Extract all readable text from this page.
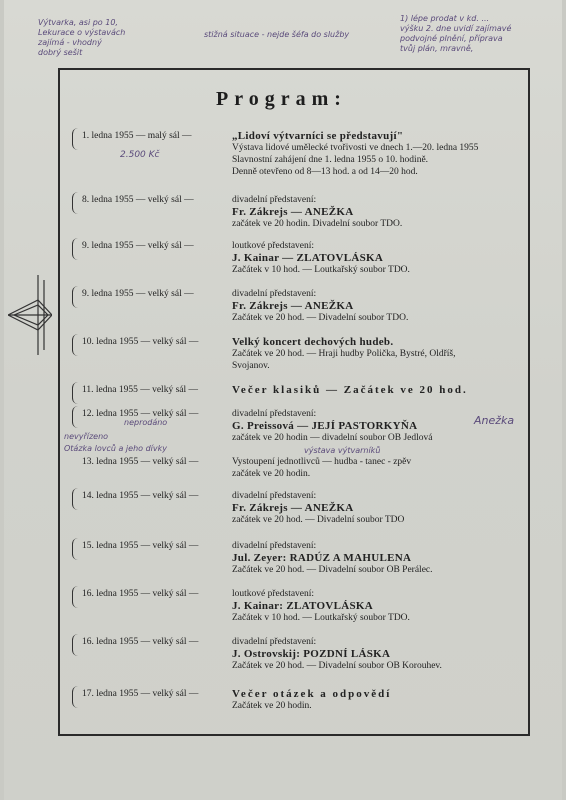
Výtvarka, asi po 10,
Lekurace o výstavách
zajímá - vhodný
dobrý sešit
stižná situace - nejde šéfa do služby
1) lépe prodat v kd. ...
výšku 2. dne uvidí zajímavé
podvojné plnění, příprava
tvůj plán, mravně,
2.500 Kč
Anežka
neprodáno
nevyřízeno
Otázka lovců a jeho dívky	výstava výtvarníků
Program:
1. ledna 1955 — malý sál —	„Lidoví výtvarníci se představují"
Výstava lidové umělecké tvořivosti ve dnech 1.—20. ledna 1955
Slavnostní zahájení dne 1. ledna 1955 o 10. hodině.
Denně otevřeno od 8—13 hod. a od 14—20 hod.
8. ledna 1955 — velký sál —	divadelní představení:
Fr. Zákrejs — ANEŽKA
začátek ve 20 hodin. Divadelní soubor TDO.
9. ledna 1955 — velký sál —	loutkové představení:
J. Kainar — ZLATOVLÁSKA
Začátek v 10 hod. — Loutkařský soubor TDO.
9. ledna 1955 — velký sál —	divadelní představení:
Fr. Zákrejs — ANEŽKA
Začátek ve 20 hod. — Divadelní soubor TDO.
10. ledna 1955 — velký sál —	Velký koncert dechových hudeb.
Začátek ve 20 hod. — Hraji hudby Polička, Bystré, Oldříš,
Svojanov.
11. ledna 1955 — velký sál —	Večer klasiků — Začátek ve 20 hod.
12. ledna 1955 — velký sál —	divadelní představení:
G. Preissová — JEJÍ PASTORKYŇA
začátek ve 20 hodin — divadelní soubor OB Jedlová
13. ledna 1955 — velký sál —	Vystoupení jednotlivců — hudba - tanec - zpěv
začátek ve 20 hodin.
14. ledna 1955 — velký sál —	divadelní představení:
Fr. Zákrejs — ANEŽKA
začátek ve 20 hod. — Divadelní soubor TDO
15. ledna 1955 — velký sál —	divadelní představení:
Jul. Zeyer: RADÚZ A MAHULENA
Začátek ve 20 hod. — Divadelní soubor OB Perálec.
16. ledna 1955 — velký sál —	loutkové představení:
J. Kainar: ZLATOVLÁSKA
Začátek v 10 hod. — Loutkařský soubor TDO.
16. ledna 1955 — velký sál —	divadelní představení:
J. Ostrovskij: POZDNÍ LÁSKA
Začátek ve 20 hod. — Divadelní soubor OB Korouhev.
17. ledna 1955 — velký sál —	Večer otázek a odpovědí
Začátek ve 20 hodin.
